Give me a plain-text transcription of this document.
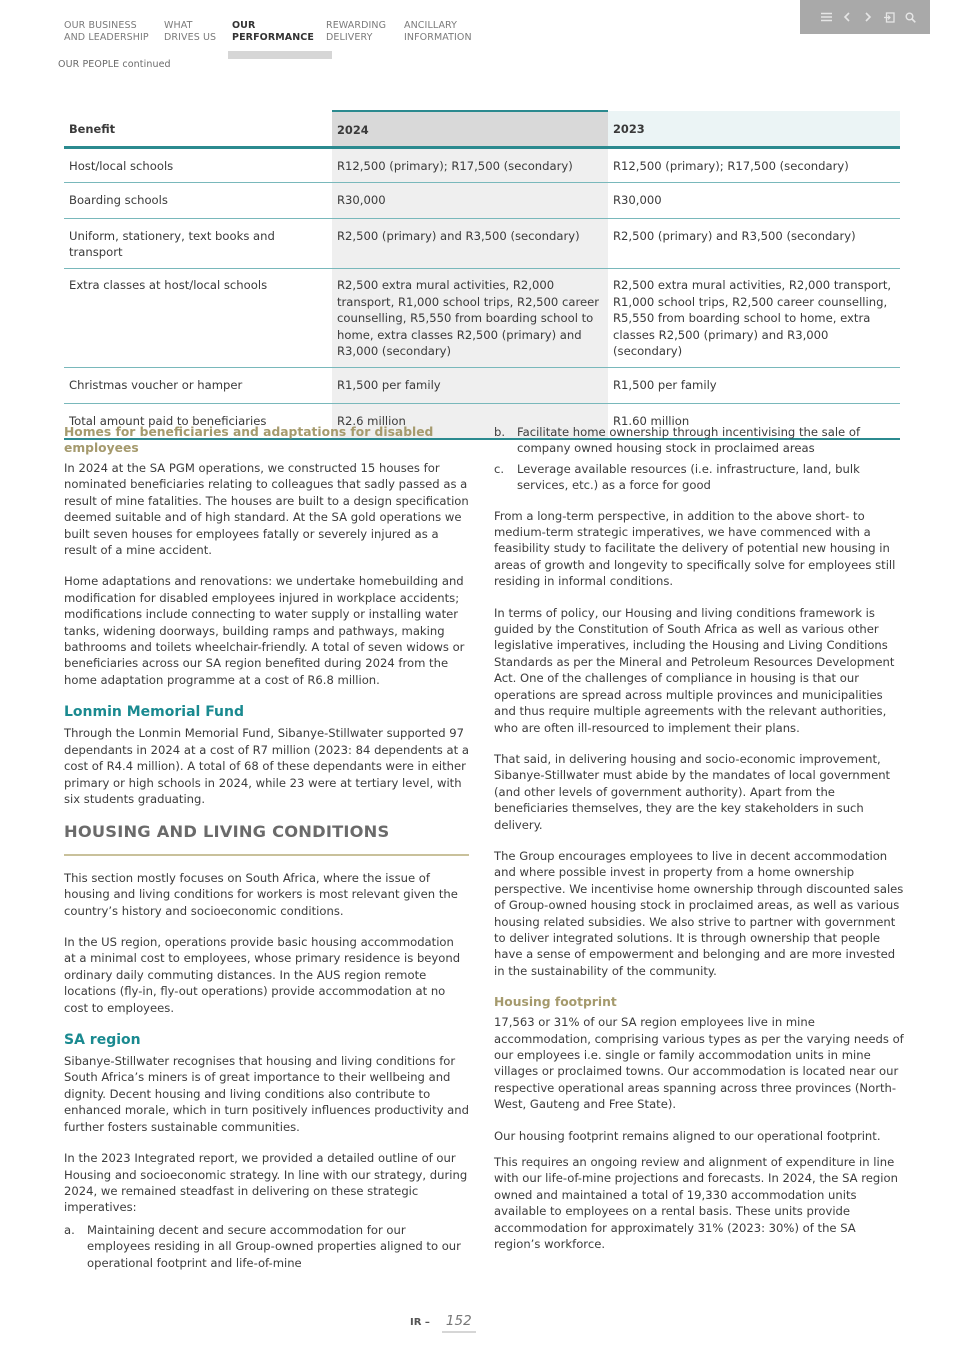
OUR BUSINESS
AND LEADERSHIP
WHAT
DRIVES US
OUR
PERFORMANCE
REWARDING
DELIVERY
ANCILLARY
INFORMATION
OUR PEOPLE continued
Benefit	2024	2023
Host/local schools	R12,500 (primary); R17,500 (secondary)	R12,500 (primary); R17,500 (secondary)
Boarding schools	R30,000	R30,000
Uniform, stationery, text books and transport	R2,500 (primary) and R3,500 (secondary)	R2,500 (primary) and R3,500 (secondary)
Extra classes at host/local schools	R2,500 extra mural activities, R2,000 transport, R1,000 school trips, R2,500 career counselling, R5,550 from boarding school to home, extra classes R2,500 (primary) and R3,000 (secondary)	R2,500 extra mural activities, R2,000 transport, R1,000 school trips, R2,500 career counselling, R5,550 from boarding school to home, extra classes R2,500 (primary) and R3,000 (secondary)
Christmas voucher or hamper	R1,500 per family	R1,500 per family
Total amount paid to beneficiaries	R2.6 million	R1.60 million
Homes for beneficiaries and adaptations for disabled employees

In 2024 at the SA PGM operations, we constructed 15 houses for nominated beneficiaries relating to colleagues that sadly passed as a result of mine fatalities. The houses are built to a design specification deemed suitable and of high standard. At the SA gold operations we built seven houses for employees fatally or severely injured as a result of a mine accident.

Home adaptations and renovations: we undertake homebuilding and modification for disabled employees injured in workplace accidents; modifications include connecting to water supply or installing water tanks, widening doorways, building ramps and pathways, making bathrooms and toilets wheelchair-friendly. A total of seven widows or beneficiaries across our SA region benefited during 2024 from the home adaptation programme at a cost of R6.8 million.

Lonmin Memorial Fund

Through the Lonmin Memorial Fund, Sibanye-Stillwater supported 97 dependants in 2024 at a cost of R7 million (2023: 84 dependents at a cost of R4.4 million). A total of 68 of these dependants were in either primary or high schools in 2024, while 23 were at tertiary level, with six students graduating.

HOUSING AND LIVING CONDITIONS

This section mostly focuses on South Africa, where the issue of housing and living conditions for workers is most relevant given the country’s history and socioeconomic conditions.

In the US region, operations provide basic housing accommodation at a minimal cost to employees, whose primary residence is beyond ordinary daily commuting distances. In the AUS region remote locations (fly-in, fly-out operations) provide accommodation at no cost to employees.

SA region

Sibanye-Stillwater recognises that housing and living conditions for South Africa’s miners is of great importance to their wellbeing and dignity. Decent housing and living conditions also contribute to enhanced morale, which in turn positively influences productivity and further fosters sustainable communities.

In the 2023 Integrated report, we provided a detailed outline of our Housing and socioeconomic strategy. In line with our strategy, during 2024, we remained steadfast in delivering on these strategic imperatives:

a.	Maintaining decent and secure accommodation for our employees residing in all Group-owned properties aligned to our operational footprint and life-of-mine
b.	Facilitate home ownership through incentivising the sale of company owned housing stock in proclaimed areas
c.	Leverage available resources (i.e. infrastructure, land, bulk services, etc.) as a force for good

From a long-term perspective, in addition to the above short- to medium-term strategic imperatives, we have commenced with a feasibility study to facilitate the delivery of potential new housing in areas of growth and longevity to specifically solve for employees still residing in informal conditions.

In terms of policy, our Housing and living conditions framework is guided by the Constitution of South Africa as well as various other legislative imperatives, including the Housing and Living Conditions Standards as per the Mineral and Petroleum Resources Development Act. One of the challenges of compliance in housing is that our operations are spread across multiple provinces and municipalities and thus require multiple agreements with the relevant authorities, who are often ill-resourced to implement their plans.

That said, in delivering housing and socio-economic improvement, Sibanye-Stillwater must abide by the mandates of local government (and other levels of government authority). Apart from the beneficiaries themselves, they are the key stakeholders in such delivery.

The Group encourages employees to live in decent accommodation and where possible invest in property from a home ownership perspective. We incentivise home ownership through discounted sales of Group-owned housing stock in proclaimed areas, as well as various housing related subsidies. We also strive to partner with government to deliver integrated solutions. It is through ownership that people have a sense of empowerment and belonging and are more invested in the sustainability of the community.

Housing footprint

17,563 or 31% of our SA region employees live in mine accommodation, comprising various types as per the varying needs of our employees i.e. single or family accommodation units in mine villages or proclaimed towns. Our accommodation is located near our respective operational areas spanning across three provinces (North-West, Gauteng and Free State).

Our housing footprint remains aligned to our operational footprint.

This requires an ongoing review and alignment of expenditure in line with our life-of-mine projections and forecasts. In 2024, the SA region owned and maintained a total of 19,330 accommodation units available to employees on a rental basis. These units provide accommodation for approximately 31% (2023: 30%) of the SA region’s workforce.

IR – 152
